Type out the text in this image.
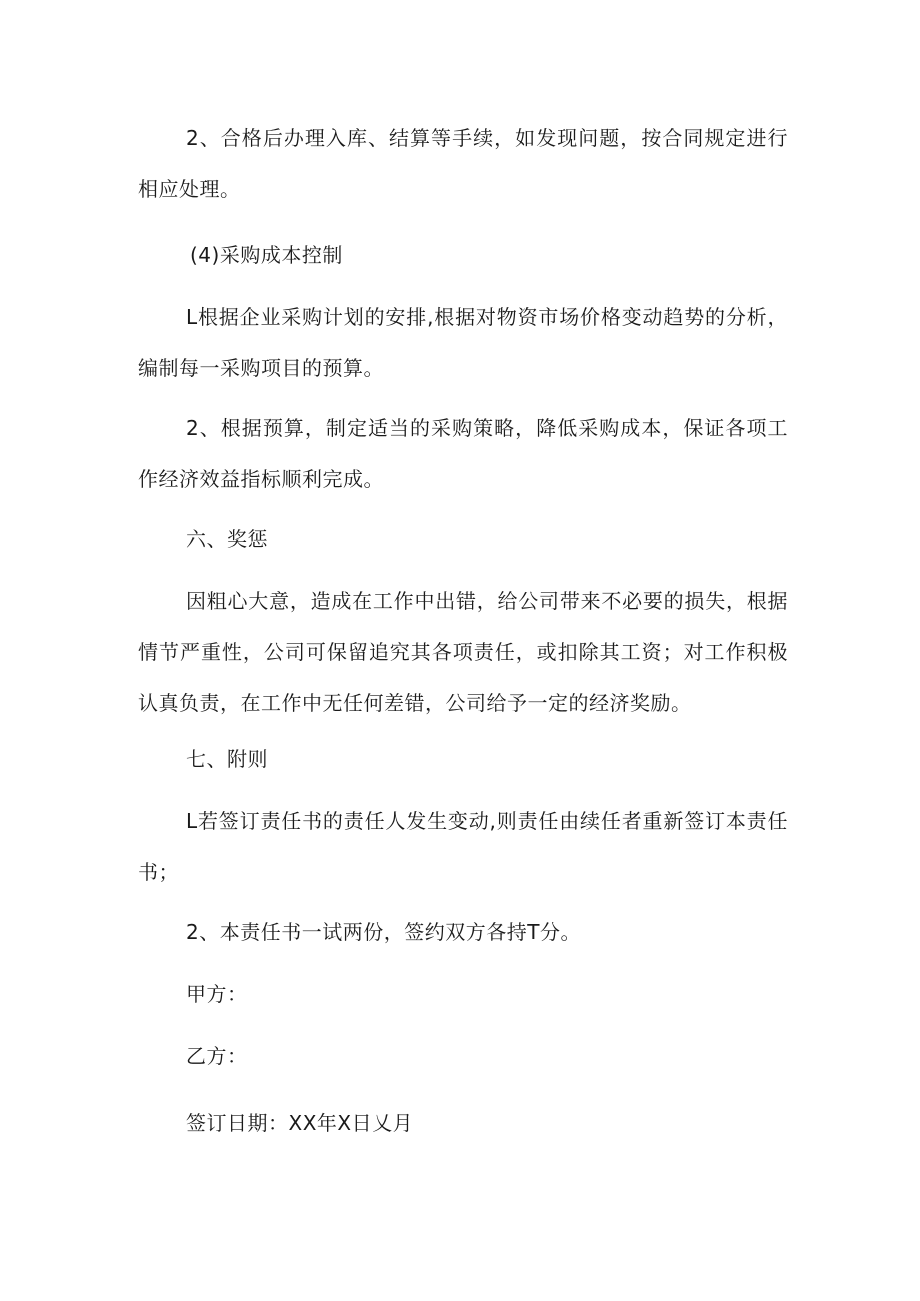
2、合格后办理入库、结算等手续，如发现问题，按合同规定进行相应处理。

(4)采购成本控制

L根据企业采购计划的安排,根据对物资市场价格变动趋势的分析，编制每一采购项目的预算。

2、根据预算，制定适当的采购策略，降低采购成本，保证各项工作经济效益指标顺利完成。

六、奖惩

因粗心大意，造成在工作中出错，给公司带来不必要的损失，根据情节严重性，公司可保留追究其各项责任，或扣除其工资；对工作积极认真负责，在工作中无任何差错，公司给予一定的经济奖励。

七、附则

L若签订责任书的责任人发生变动,则责任由续任者重新签订本责任书；

2、本责任书一试两份，签约双方各持T分。

甲方：

乙方：

签订日期：XX年X日乂月
